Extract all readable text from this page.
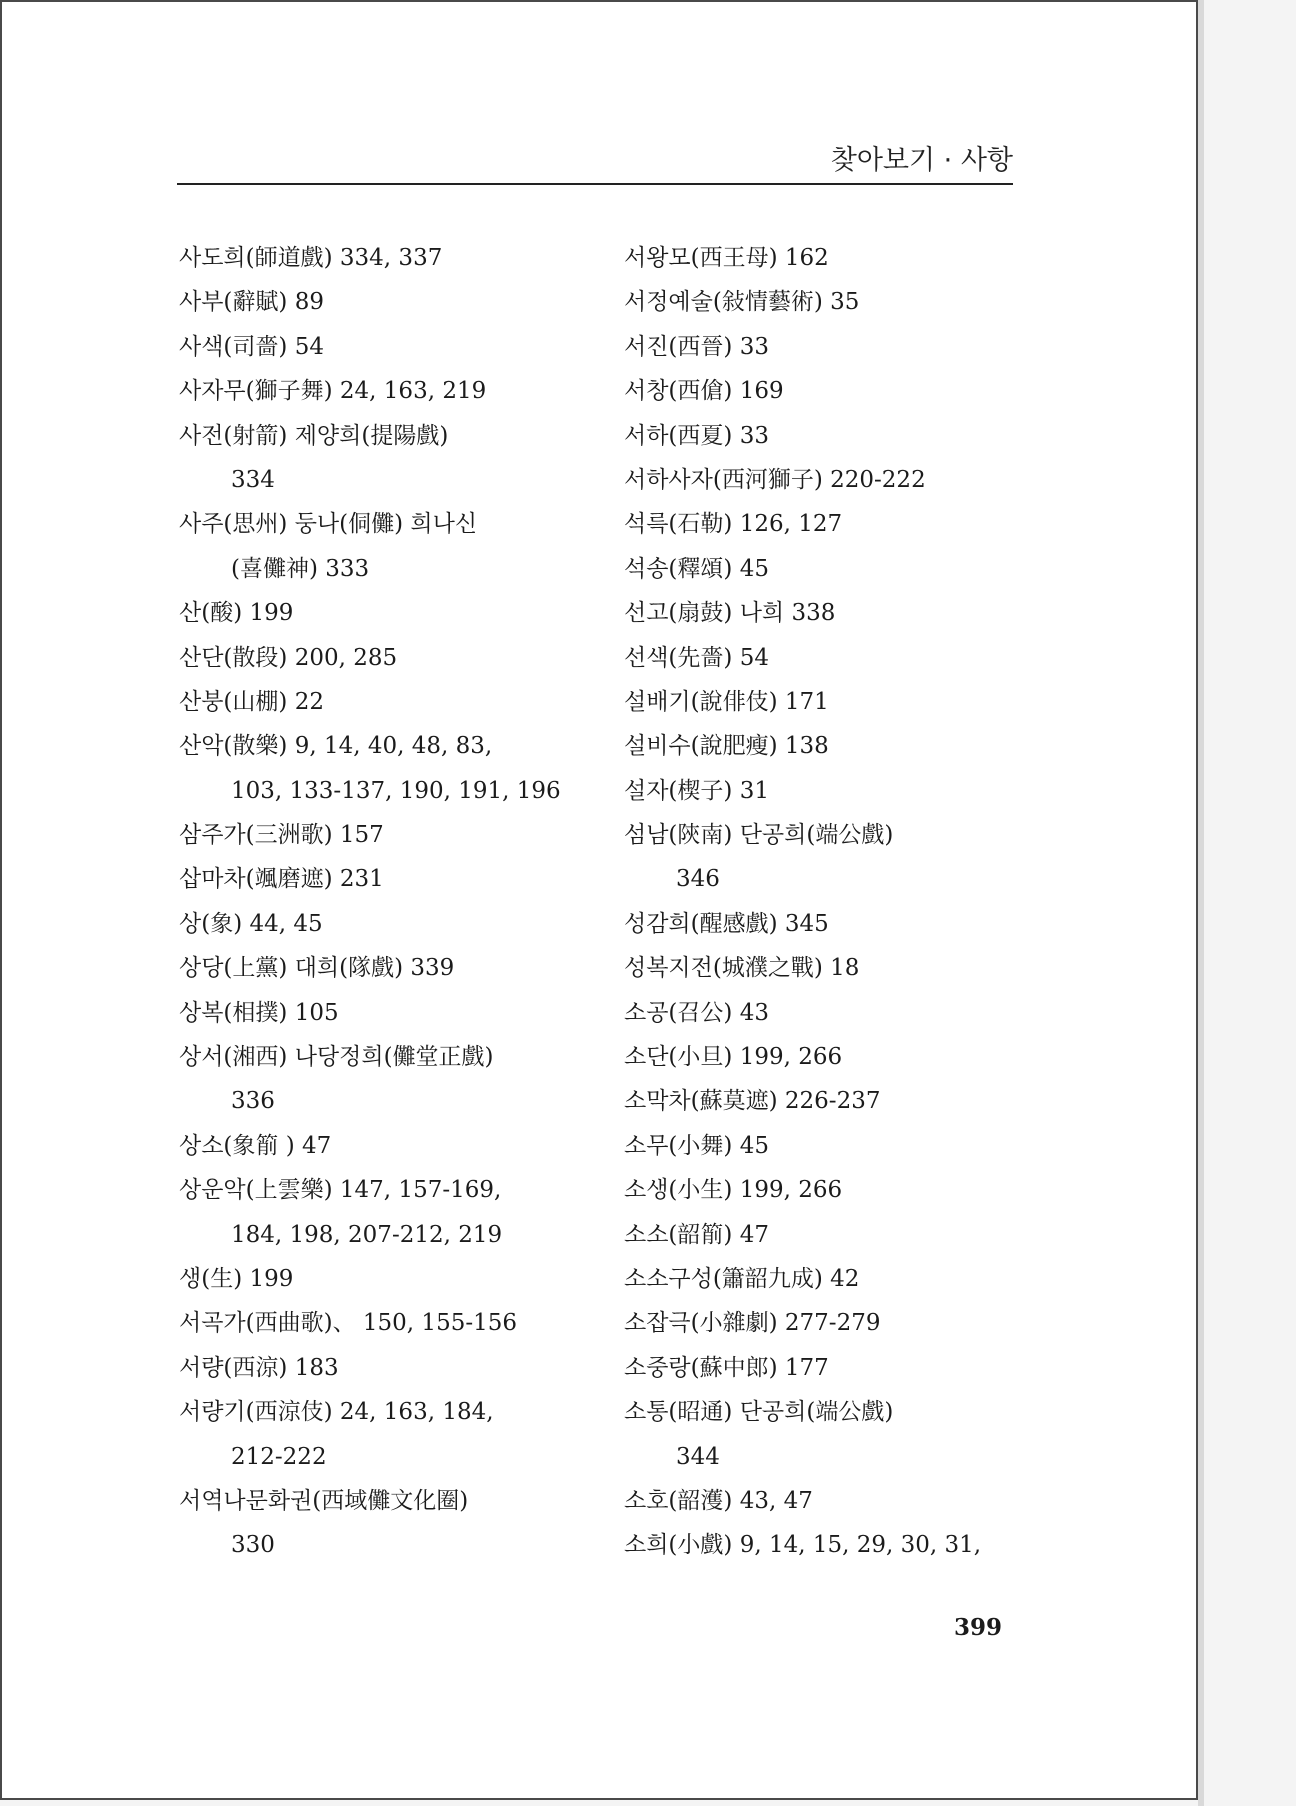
찾아보기 · 사항
사도희(師道戲) 334, 337
사부(辭賦) 89
사색(司嗇) 54
사자무(獅子舞) 24, 163, 219
사전(射箭) 제양희(提陽戲)
334
사주(思州) 둥나(侗儺) 희나신
(喜儺神) 333
산(酸) 199
산단(散段) 200, 285
산붕(山棚) 22
산악(散樂) 9, 14, 40, 48, 83,
103, 133-137, 190, 191, 196
삼주가(三洲歌) 157
삽마차(颯磨遮) 231
상(象) 44, 45
상당(上黨) 대희(隊戲) 339
상복(相撲) 105
상서(湘西) 나당정희(儺堂正戲)
336
상소(象箾 ) 47
상운악(上雲樂) 147, 157-169,
184, 198, 207-212, 219
생(生) 199
서곡가(西曲歌)、 150, 155-156
서량(西涼) 183
서량기(西涼伎) 24, 163, 184,
212-222
서역나문화권(西域儺文化圈)
330
서왕모(西王母) 162
서정예술(敍情藝術) 35
서진(西晉) 33
서창(西傖) 169
서하(西夏) 33
서하사자(西河獅子) 220-222
석륵(石勒) 126, 127
석송(釋頌) 45
선고(扇鼓) 나희 338
선색(先嗇) 54
설배기(說俳伎) 171
설비수(說肥瘦) 138
설자(楔子) 31
섬남(陝南) 단공희(端公戲)
346
성감희(醒感戲) 345
성복지전(城濮之戰) 18
소공(召公) 43
소단(小旦) 199, 266
소막차(蘇莫遮) 226-237
소무(小舞) 45
소생(小生) 199, 266
소소(韶箾) 47
소소구성(簫韶九成) 42
소잡극(小雜劇) 277-279
소중랑(蘇中郎) 177
소통(昭通) 단공희(端公戲)
344
소호(韶濩) 43, 47
소희(小戲) 9, 14, 15, 29, 30, 31,
399
